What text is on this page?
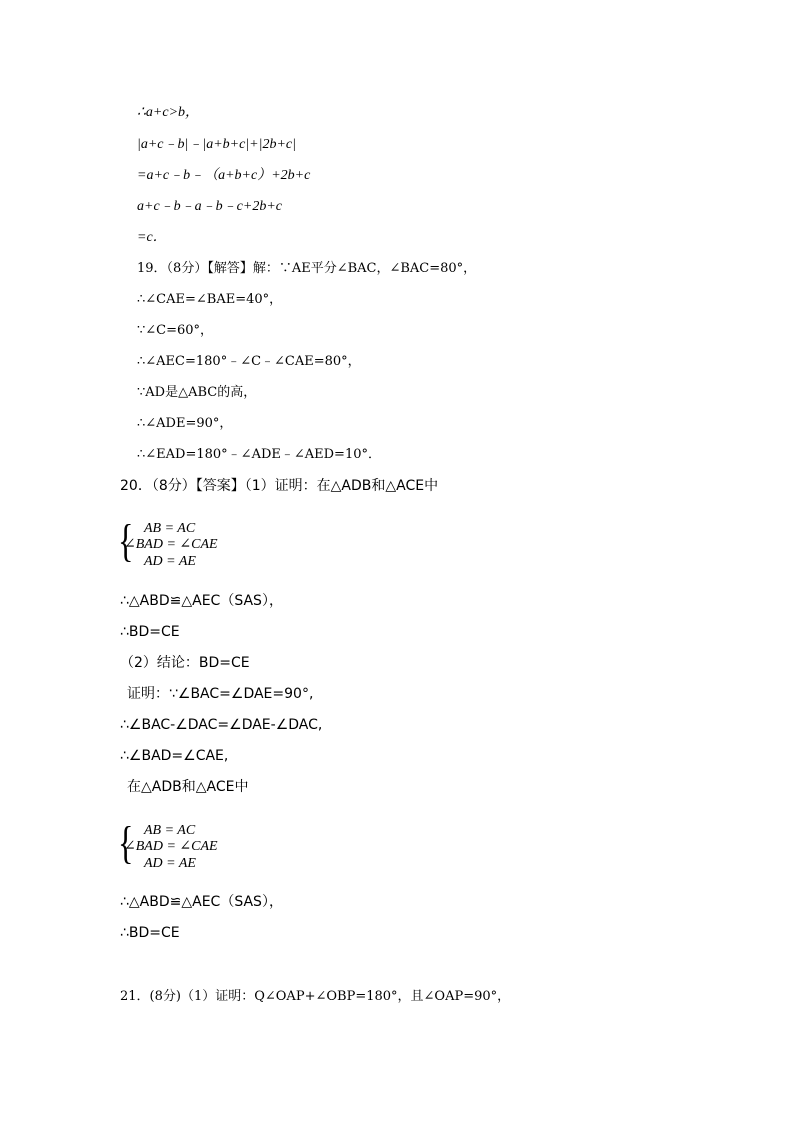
∴a+c>b，
|a+c﹣b|﹣|a+b+c|+|2b+c|
=a+c﹣b﹣（a+b+c）+2b+c
a+c﹣b﹣a﹣b﹣c+2b+c
=c．
19．（8分）【解答】解：∵AE平分∠BAC，∠BAC=80°，
∴∠CAE=∠BAE=40°，
∵∠C=60°，
∴∠AEC=180°﹣∠C﹣∠CAE=80°，
∵AD是△ABC的高，
∴∠ADE=90°，
∴∠EAD=180°﹣∠ADE﹣∠AED=10°．
20．（8分）【答案】（1）证明：在△ADB和△ACE中
{ AB = AC
∠BAD = ∠CAE
AD = AE
∴△ABD≌△AEC（SAS），
∴BD=CE
（2）结论：BD=CE
证明：∵∠BAC=∠DAE=90°,
∴∠BAC-∠DAC=∠DAE-∠DAC,
∴∠BAD=∠CAE,
在△ADB和△ACE中
{ AB = AC
∠BAD = ∠CAE
AD = AE
∴△ABD≌△AEC（SAS），
∴BD=CE
21．(8分)（1）证明：Q∠OAP+∠OBP=180°，且∠OAP=90°，
